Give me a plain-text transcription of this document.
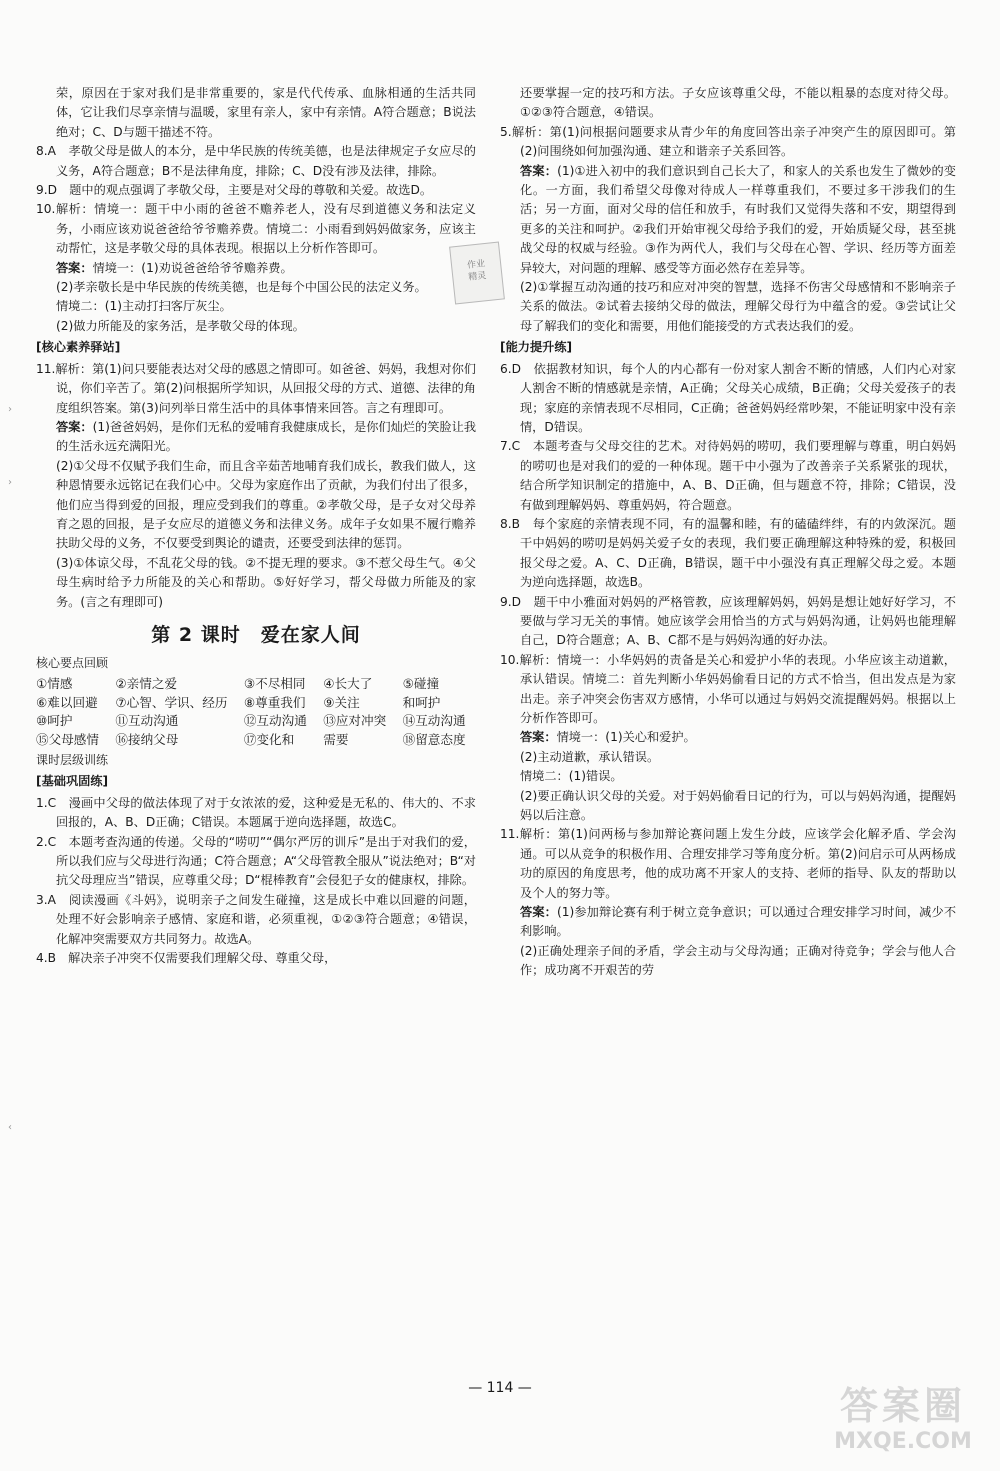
荣，原因在于家对我们是非常重要的，家是代代传承、血脉相通的生活共同体，它让我们尽享亲情与温暖，家里有亲人，家中有亲情。A符合题意；B说法绝对；C、D与题干描述不符。

8.A　孝敬父母是做人的本分，是中华民族的传统美德，也是法律规定子女应尽的义务，A符合题意；B不是法律角度，排除；C、D没有涉及法律，排除。

9.D　题中的观点强调了孝敬父母，主要是对父母的尊敬和关爱。故选D。

10.解析：情境一：题干中小雨的爸爸不赡养老人，没有尽到道德义务和法定义务，小雨应该劝说爸爸给爷爷赡养费。情境二：小雨看到妈妈做家务，应该主动帮忙，这是孝敬父母的具体表现。根据以上分析作答即可。

答案：情境一：(1)劝说爸爸给爷爷赡养费。

(2)孝亲敬长是中华民族的传统美德，也是每个中国公民的法定义务。

情境二：(1)主动打扫客厅灰尘。

(2)做力所能及的家务活，是孝敬父母的体现。

[核心素养驿站]

11.解析：第(1)问只要能表达对父母的感恩之情即可。如爸爸、妈妈，我想对你们说，你们辛苦了。第(2)问根据所学知识，从回报父母的方式、道德、法律的角度组织答案。第(3)问列举日常生活中的具体事情来回答。言之有理即可。

答案：(1)爸爸妈妈，是你们无私的爱哺育我健康成长，是你们灿烂的笑脸让我的生活永远充满阳光。

(2)①父母不仅赋予我们生命，而且含辛茹苦地哺育我们成长，教我们做人，这种恩情要永远铭记在我们心中。父母为家庭作出了贡献，为我们付出了很多，他们应当得到爱的回报，理应受到我们的尊重。②孝敬父母，是子女对父母养育之恩的回报，是子女应尽的道德义务和法律义务。成年子女如果不履行赡养扶助父母的义务，不仅要受到舆论的谴责，还要受到法律的惩罚。

(3)①体谅父母，不乱花父母的钱。②不提无理的要求。③不惹父母生气。④父母生病时给予力所能及的关心和帮助。⑤好好学习，帮父母做力所能及的家务。(言之有理即可)

第 2 课时　爱在家人间

核心要点回顾

①情感	②亲情之爱	③不尽相同	④长大了	⑤碰撞
⑥难以回避	⑦心智、学识、经历	⑧尊重我们	⑨关注	和呵护
⑩呵护	⑪互动沟通	⑫互动沟通	⑬应对冲突	⑭互动沟通
⑮父母感情	⑯接纳父母	⑰变化和	需要	⑱留意态度

课时层级训练

[基础巩固练]

1.C　漫画中父母的做法体现了对于女浓浓的爱，这种爱是无私的、伟大的、不求回报的，A、B、D正确；C错误。本题属于逆向选择题，故选C。

2.C　本题考查沟通的传递。父母的“唠叨”“偶尔严厉的训斥”是出于对我们的爱，所以我们应与父母进行沟通；C符合题意；A“父母管教全服从”说法绝对；B“对抗父母理应当”错误，应尊重父母；D“棍棒教育”会侵犯子女的健康权，排除。

3.A　阅读漫画《斗妈》，说明亲子之间发生碰撞，这是成长中难以回避的问题，处理不好会影响亲子感情、家庭和谐，必须重视，①②③符合题意；④错误，化解冲突需要双方共同努力。故选A。

4.B　解决亲子冲突不仅需要我们理解父母、尊重父母，

还要掌握一定的技巧和方法。子女应该尊重父母，不能以粗暴的态度对待父母。①②③符合题意，④错误。

5.解析：第(1)问根据问题要求从青少年的角度回答出亲子冲突产生的原因即可。第(2)问围绕如何加强沟通、建立和谐亲子关系回答。

答案：(1)①进入初中的我们意识到自己长大了，和家人的关系也发生了微妙的变化。一方面，我们希望父母像对待成人一样尊重我们，不要过多干涉我们的生活；另一方面，面对父母的信任和放手，有时我们又觉得失落和不安，期望得到更多的关注和呵护。②我们开始审视父母给予我们的爱，开始质疑父母，甚至挑战父母的权威与经验。③作为两代人，我们与父母在心智、学识、经历等方面差异较大，对问题的理解、感受等方面必然存在差异等。

(2)①掌握互动沟通的技巧和应对冲突的智慧，选择不伤害父母感情和不影响亲子关系的做法。②试着去接纳父母的做法，理解父母行为中蕴含的爱。③尝试让父母了解我们的变化和需要，用他们能接受的方式表达我们的爱。

[能力提升练]

6.D　依据教材知识，每个人的内心都有一份对家人割舍不断的情感，人们内心对家人割舍不断的情感就是亲情，A正确；父母关心成绩，B正确；父母关爱孩子的表现；家庭的亲情表现不尽相同，C正确；爸爸妈妈经常吵架，不能证明家中没有亲情，D错误。

7.C　本题考查与父母交往的艺术。对待妈妈的唠叨，我们要理解与尊重，明白妈妈的唠叨也是对我们的爱的一种体现。题干中小强为了改善亲子关系紧张的现状，结合所学知识制定的措施中，A、B、D正确，但与题意不符，排除；C错误，没有做到理解妈妈、尊重妈妈，符合题意。

8.B　每个家庭的亲情表现不同，有的温馨和睦，有的磕磕绊绊，有的内敛深沉。题干中妈妈的唠叨是妈妈关爱子女的表现，我们要正确理解这种特殊的爱，积极回报父母之爱。A、C、D正确，B错误，题干中小强没有真正理解父母之爱。本题为逆向选择题，故选B。

9.D　题干中小雅面对妈妈的严格管教，应该理解妈妈，妈妈是想让她好好学习，不要做与学习无关的事情。她应该学会用恰当的方式与妈妈沟通，让妈妈也能理解自己，D符合题意；A、B、C都不是与妈妈沟通的好办法。

10.解析：情境一：小华妈妈的责备是关心和爱护小华的表现。小华应该主动道歉，承认错误。情境二：首先判断小华妈妈偷看日记的方式不恰当，但出发点是为家出走。亲子冲突会伤害双方感情，小华可以通过与妈妈交流提醒妈妈。根据以上分析作答即可。

答案：情境一：(1)关心和爱护。

(2)主动道歉，承认错误。

情境二：(1)错误。

(2)要正确认识父母的关爱。对于妈妈偷看日记的行为，可以与妈妈沟通，提醒妈妈以后注意。

11.解析：第(1)问两杨与参加辩论赛问题上发生分歧，应该学会化解矛盾、学会沟通。可以从竞争的积极作用、合理安排学习等角度分析。第(2)问启示可从两杨成功的原因的角度思考，他的成功离不开家人的支持、老师的指导、队友的帮助以及个人的努力等。

答案：(1)参加辩论赛有利于树立竞争意识；可以通过合理安排学习时间，减少不利影响。

(2)正确处理亲子间的矛盾，学会主动与父母沟通；正确对待竞争；学会与他人合作；成功离不开艰苦的劳

作业
精灵
›
›
‹
— 114 —	答案圈
MXQE.COM
